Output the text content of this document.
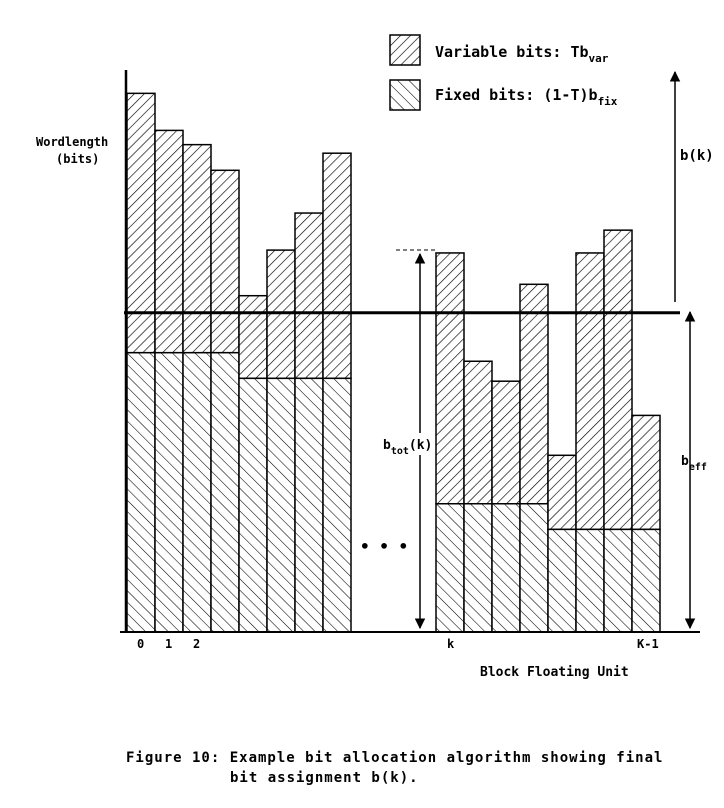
Variable bits: $Tb_{var}$
Fixed bits: $(1-T)b_{fix}$
Wordlength
(bits)	b(k)
$b_{eff}$
$b_{tot}(k)$
• • •
0 1 2	k	K-1
Block Floating Unit
Figure 10: Example bit allocation algorithm showing final
bit assignment b(k).
